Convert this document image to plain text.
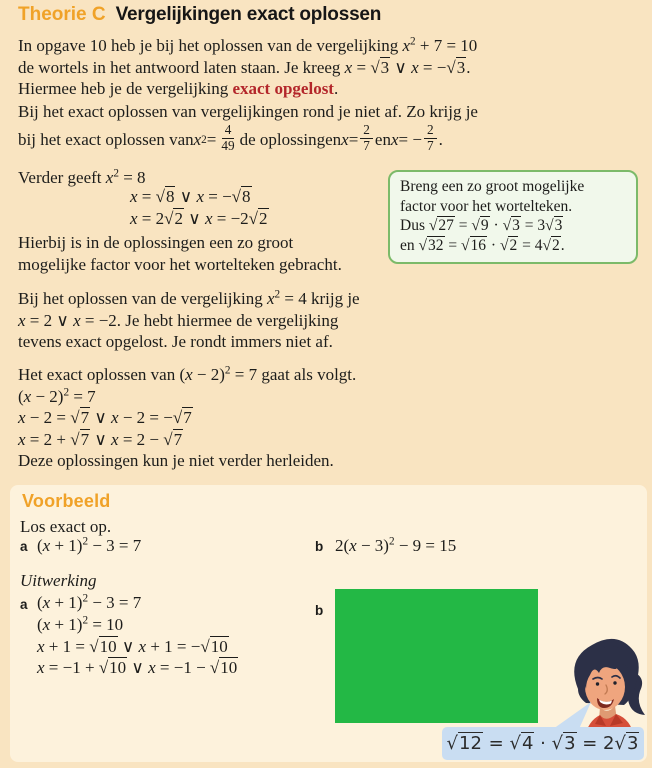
Theorie C Vergelijkingen exact oplossen
In opgave 10 heb je bij het oplossen van de vergelijking $x^2 + 7 = 10$
de wortels in het antwoord laten staan. Je kreeg x = √3 ∨ x = −√3.
Hiermee heb je de vergelijking exact opgelost.
Bij het exact oplossen van vergelijkingen rond je niet af. Zo krijg je
bij het exact oplossen van x 2 =
4
49 de oplossingen x =
2
7 en x = −
2
7 .
Verder geeft $x^2 = 8$
x = √8 ∨ x = −√8
x = 2√2 ∨ x = −2√2
Hierbij is in de oplossingen een zo groot
mogelijke factor voor het wortelteken gebracht.
Breng een zo groot mogelijke
factor voor het wortelteken.
Dus √27 = √9 · √3 = 3√3
en √32 = √16 · √2 = 4√2.
Bij het oplossen van de vergelijking $x^2 = 4$ krijg je
x = 2 ∨ x = −2. Je hebt hiermee de vergelijking
tevens exact opgelost. Je rondt immers niet af.
Het exact oplossen van $(x - 2)^2 = 7$ gaat als volgt.
$(x - 2)^2 = 7$
x − 2 = √7 ∨ x − 2 = −√7
x = 2 + √7 ∨ x = 2 − √7
Deze oplossingen kun je niet verder herleiden.
Voorbeeld
Los exact op.
a $(x + 1)^2 - 3 = 7$	b $2(x - 3)^2 - 9 = 15$
Uitwerking
a $(x + 1)^2 - 3 = 7$
$(x + 1)^2 = 10$
x + 1 = √10 ∨ x + 1 = −√10
x = −1 + √10 ∨ x = −1 − √10
b
√12 = √4 · √3 = 2√3
